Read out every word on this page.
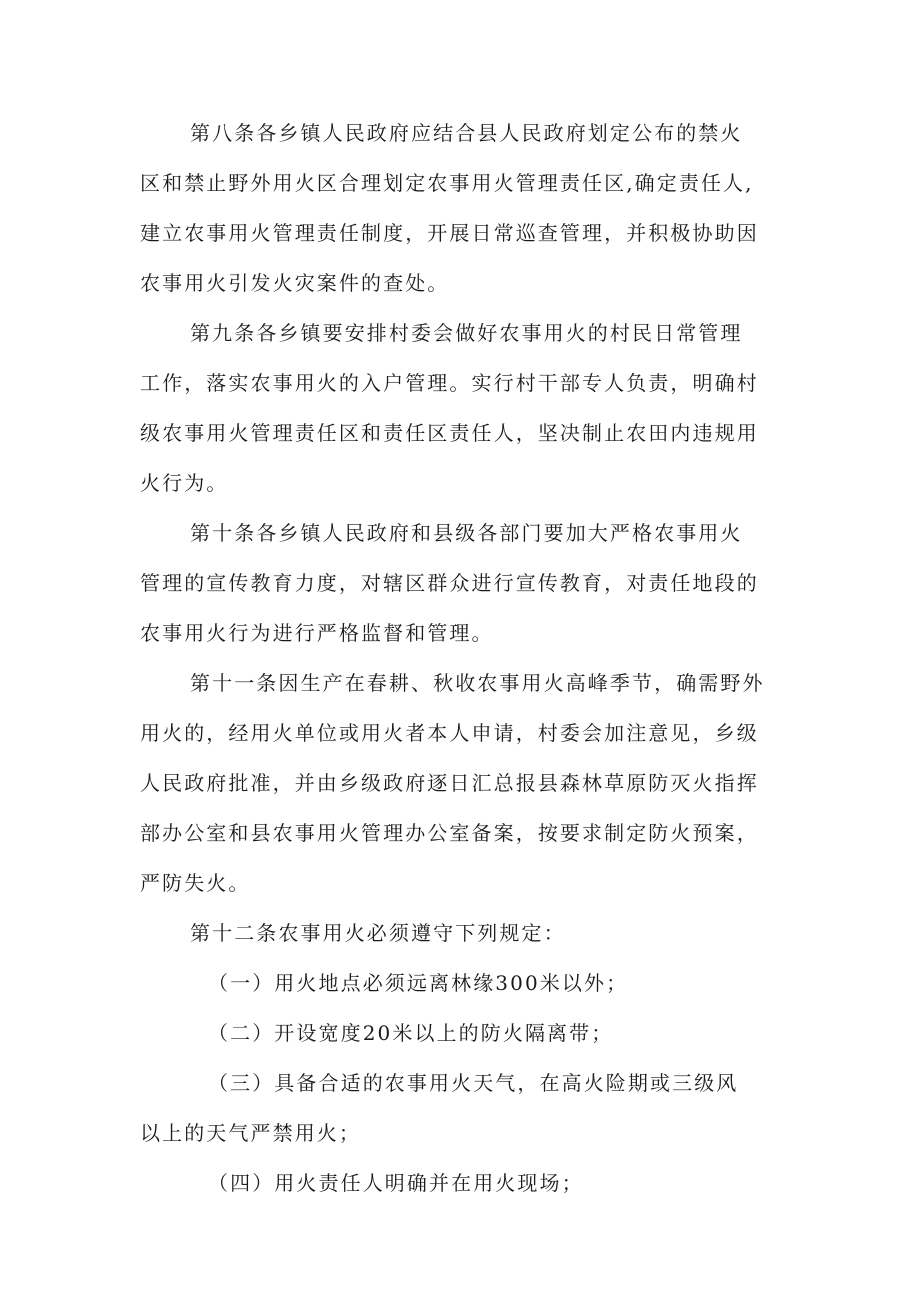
第八条各乡镇人民政府应结合县人民政府划定公布的禁火
区和禁止野外用火区合理划定农事用火管理责任区,确定责任人,
建立农事用火管理责任制度，开展日常巡查管理，并积极协助因
农事用火引发火灾案件的查处。
第九条各乡镇要安排村委会做好农事用火的村民日常管理
工作，落实农事用火的入户管理。实行村干部专人负责，明确村
级农事用火管理责任区和责任区责任人，坚决制止农田内违规用
火行为。
第十条各乡镇人民政府和县级各部门要加大严格农事用火
管理的宣传教育力度，对辖区群众进行宣传教育，对责任地段的
农事用火行为进行严格监督和管理。
第十一条因生产在春耕、秋收农事用火高峰季节，确需野外
用火的，经用火单位或用火者本人申请，村委会加注意见，乡级
人民政府批准，并由乡级政府逐日汇总报县森林草原防灭火指挥
部办公室和县农事用火管理办公室备案，按要求制定防火预案，
严防失火。
第十二条农事用火必须遵守下列规定：
（一）用火地点必须远离林缘300米以外；
（二）开设宽度20米以上的防火隔离带；
（三）具备合适的农事用火天气，在高火险期或三级风
以上的天气严禁用火；
（四）用火责任人明确并在用火现场；
